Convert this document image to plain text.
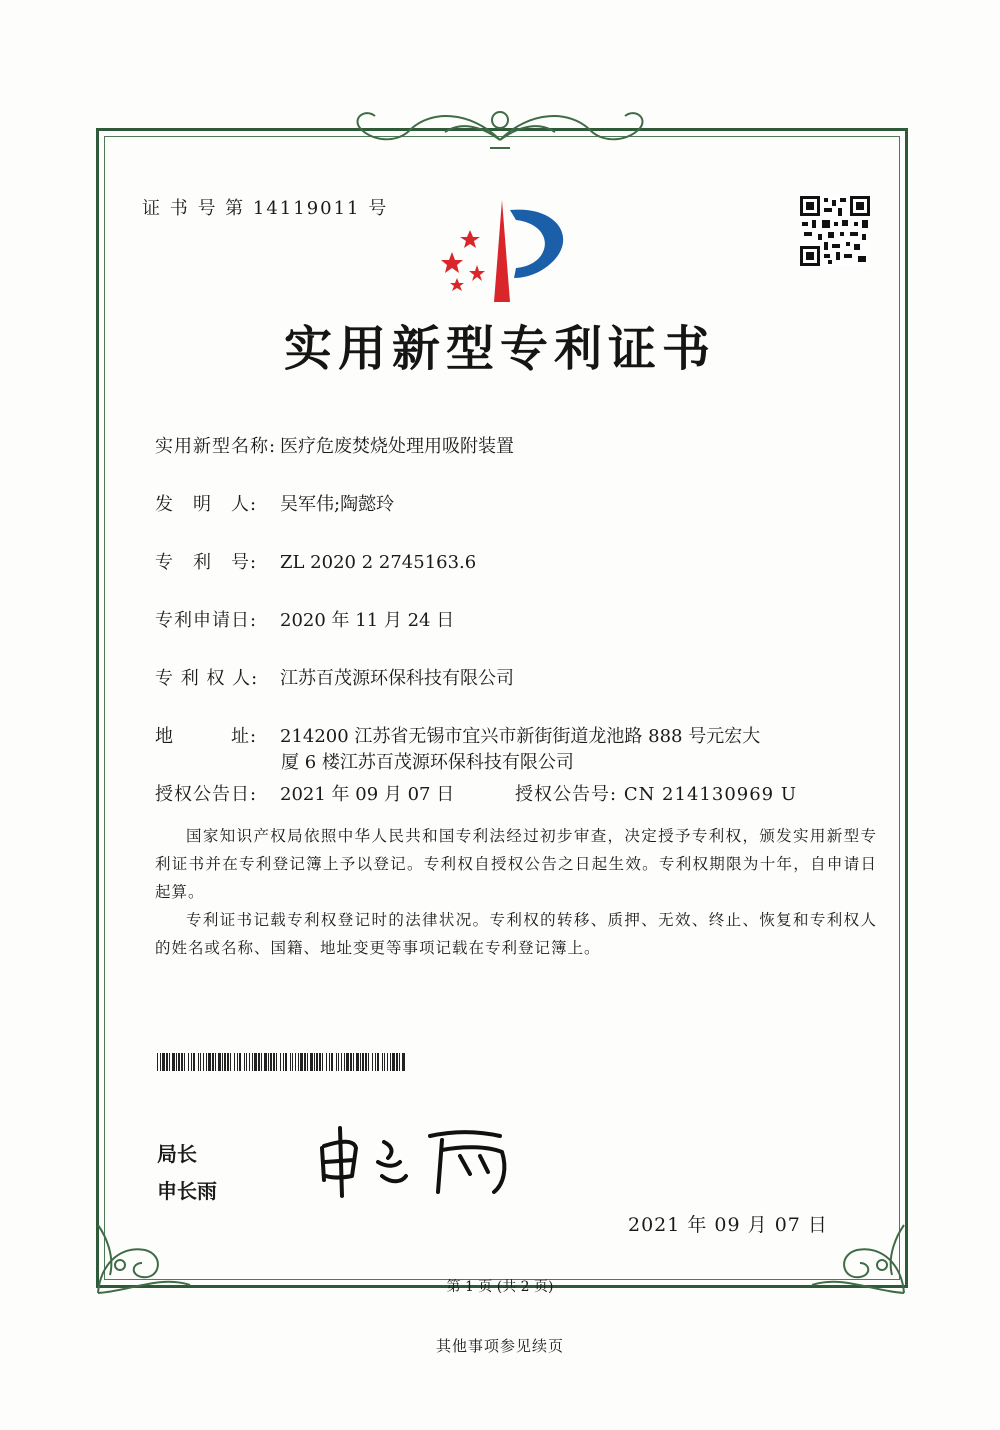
证 书 号 第 14119011 号
实用新型专利证书
实用新型名称: 医疗危废焚烧处理用吸附装置
发　明　人: 吴军伟;陶懿玲
专　利　号: ZL 2020 2 2745163.6
专利申请日: 2020 年 11 月 24 日
专 利 权 人: 江苏百茂源环保科技有限公司
地　　　址: 214200 江苏省无锡市宜兴市新街街道龙池路 888 号元宏大
厦 6 楼江苏百茂源环保科技有限公司
授权公告日: 2021 年 09 月 07 日	授权公告号: CN 214130969 U
国家知识产权局依照中华人民共和国专利法经过初步审查，决定授予专利权，颁发实用新型专利证书并在专利登记簿上予以登记。专利权自授权公告之日起生效。专利权期限为十年，自申请日起算。
专利证书记载专利权登记时的法律状况。专利权的转移、质押、无效、终止、恢复和专利权人的姓名或名称、国籍、地址变更等事项记载在专利登记簿上。
局长
申长雨
2021 年 09 月 07 日
第 1 页 (共 2 页)
其他事项参见续页
